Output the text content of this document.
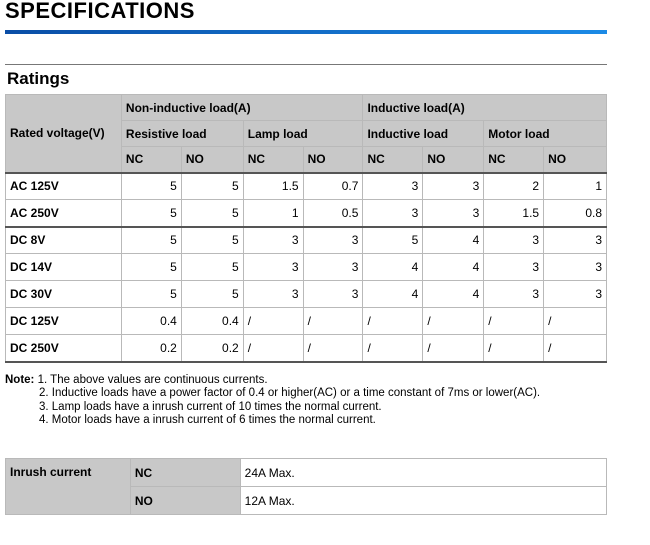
SPECIFICATIONS
Ratings
Rated voltage(V)	Non-inductive load(A)				Inductive load(A)			
	Resistive load		Lamp load		Inductive load		Motor load	
	NC	NO	NC	NO	NC	NO	NC	NO
AC 125V	5	5	1.5	0.7	3	3	2	1
AC 250V	5	5	1	0.5	3	3	1.5	0.8
DC 8V	5	5	3	3	5	4	3	3
DC 14V	5	5	3	3	4	4	3	3
DC 30V	5	5	3	3	4	4	3	3
DC 125V	0.4	0.4	/	/	/	/	/	/
DC 250V	0.2	0.2	/	/	/	/	/	/
Note: 1. The above values are continuous currents.
2. Inductive loads have a power factor of 0.4 or higher(AC) or a time constant of 7ms or lower(AC).
3. Lamp loads have a inrush current of 10 times the normal current.
4. Motor loads have a inrush current of 6 times the normal current.
Inrush current	NC	24A Max.
	NO	12A Max.
